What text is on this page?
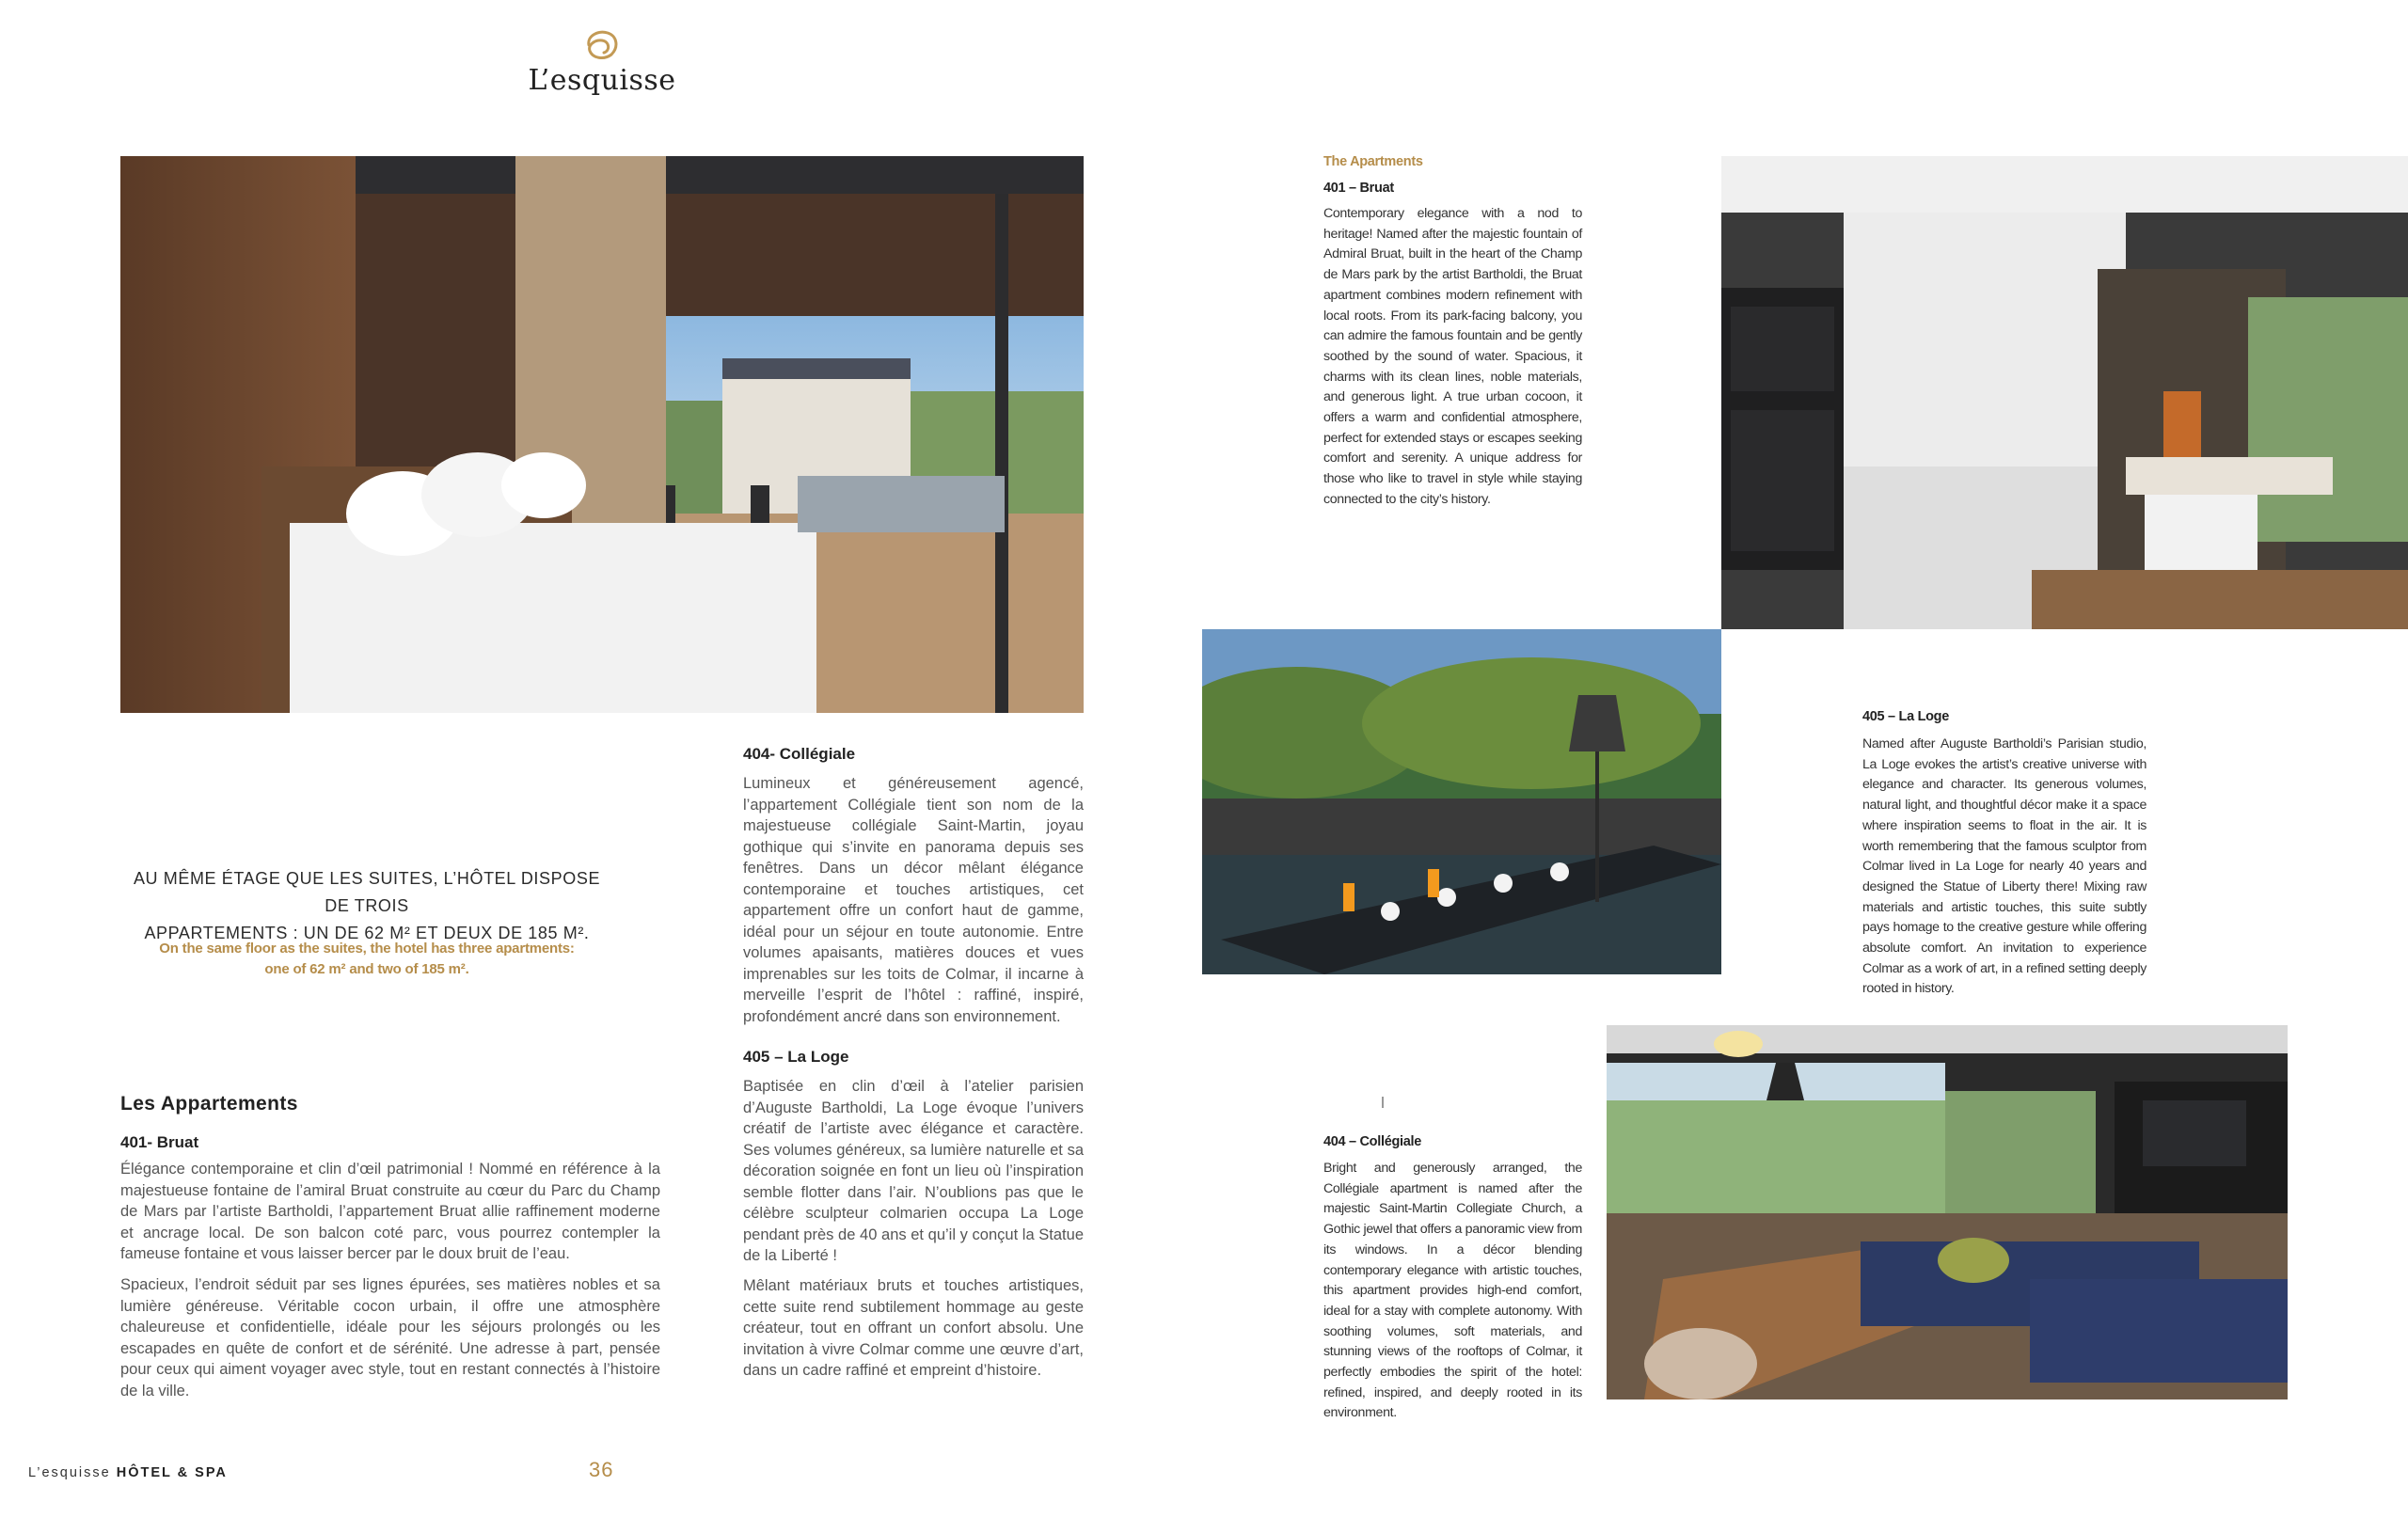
L’esquisse
AU MÊME ÉTAGE QUE LES SUITES, L’HÔTEL DISPOSE DE TROIS
APPARTEMENTS : UN DE 62 M² ET DEUX DE 185 M².
On the same floor as the suites, the hotel has three apartments:
one of 62 m² and two of 185 m².
Les Appartements
401- Bruat
Élégance contemporaine et clin d’œil patrimonial ! Nommé en référence à la majestueuse fontaine de l’amiral Bruat construite au cœur du Parc du Champ de Mars par l’artiste Bartholdi, l’appartement Bruat allie raffinement moderne et ancrage local. De son balcon coté parc, vous pourrez contempler la fameuse fontaine et vous laisser bercer par le doux bruit de l’eau.
Spacieux, l’endroit séduit par ses lignes épurées, ses matières nobles et sa lumière généreuse. Véritable cocon urbain, il offre une atmosphère chaleureuse et confidentielle, idéale pour les séjours prolongés ou les escapades en quête de confort et de sérénité. Une adresse à part, pensée pour ceux qui aiment voyager avec style, tout en restant connectés à l’histoire de la ville.
404- Collégiale
Lumineux et généreusement agencé, l’appartement Collégiale tient son nom de la majestueuse collégiale Saint-Martin, joyau gothique qui s’invite en panorama depuis ses fenêtres. Dans un décor mêlant élégance contemporaine et touches artistiques, cet appartement offre un confort haut de gamme, idéal pour un séjour en toute autonomie. Entre volumes apaisants, matières douces et vues imprenables sur les toits de Colmar, il incarne à merveille l’esprit de l’hôtel : raffiné, inspiré, profondément ancré dans son environnement.
405 – La Loge
Baptisée en clin d’œil à l’atelier parisien d’Auguste Bartholdi, La Loge évoque l’univers créatif de l’artiste avec élégance et caractère. Ses volumes généreux, sa lumière naturelle et sa décoration soignée en font un lieu où l’inspiration semble flotter dans l’air. N’oublions pas que le célèbre sculpteur colmarien occupa La Loge pendant près de 40 ans et qu’il y conçut la Statue de la Liberté !
Mêlant matériaux bruts et touches artistiques, cette suite rend subtilement hommage au geste créateur, tout en offrant un confort absolu. Une invitation à vivre Colmar comme une œuvre d’art, dans un cadre raffiné et empreint d’histoire.
The Apartments
401 – Bruat
Contemporary elegance with a nod to heritage! Named after the majestic fountain of Admiral Bruat, built in the heart of the Champ de Mars park by the artist Bartholdi, the Bruat apartment combines modern refinement with local roots. From its park-facing balcony, you can admire the famous fountain and be gently soothed by the sound of water. Spacious, it charms with its clean lines, noble materials, and generous light. A true urban cocoon, it offers a warm and confidential atmosphere, perfect for extended stays or escapes seeking comfort and serenity. A unique address for those who like to travel in style while staying connected to the city’s history.
405 – La Loge
Named after Auguste Bartholdi’s Parisian studio, La Loge evokes the artist’s creative universe with elegance and character. Its generous volumes, natural light, and thoughtful décor make it a space where inspiration seems to float in the air. It is worth remembering that the famous sculptor from Colmar lived in La Loge for nearly 40 years and designed the Statue of Liberty there! Mixing raw materials and artistic touches, this suite subtly pays homage to the creative gesture while offering absolute comfort. An invitation to experience Colmar as a work of art, in a refined setting deeply rooted in history.
404 – Collégiale
Bright and generously arranged, the Collégiale apartment is named after the majestic Saint-Martin Collegiate Church, a Gothic jewel that offers a panoramic view from its windows. In a décor blending contemporary elegance with artistic touches, this apartment provides high-end comfort, ideal for a stay with complete autonomy. With soothing volumes, soft materials, and stunning views of the rooftops of Colmar, it perfectly embodies the spirit of the hotel: refined, inspired, and deeply rooted in its environment.
L’esquisse HÔTEL & SPA	36
